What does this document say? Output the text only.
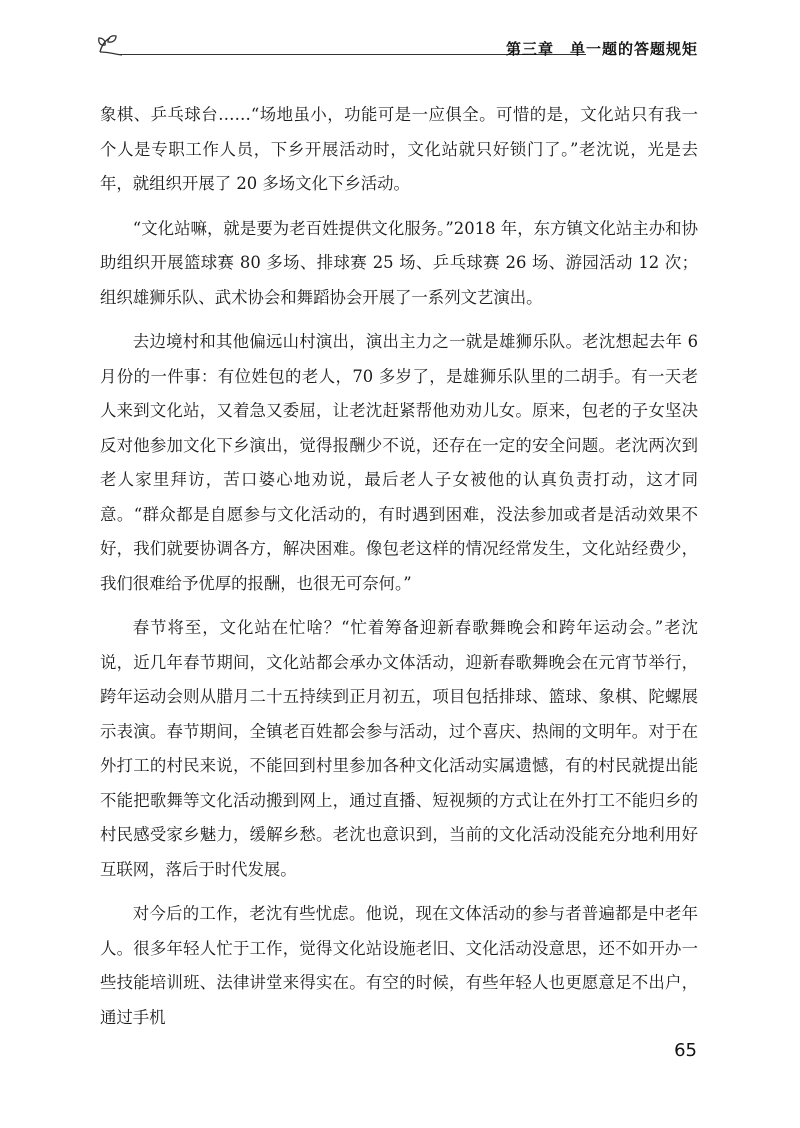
第三章　单一题的答题规矩

象棋、乒乓球台……“场地虽小，功能可是一应俱全。可惜的是，文化站只有我一个人是专职工作人员，下乡开展活动时，文化站就只好锁门了。”老沈说，光是去年，就组织开展了 20 多场文化下乡活动。

“文化站嘛，就是要为老百姓提供文化服务。”2018 年，东方镇文化站主办和协助组织开展篮球赛 80 多场、排球赛 25 场、乒乓球赛 26 场、游园活动 12 次；组织雄狮乐队、武术协会和舞蹈协会开展了一系列文艺演出。

去边境村和其他偏远山村演出，演出主力之一就是雄狮乐队。老沈想起去年 6 月份的一件事：有位姓包的老人，70 多岁了，是雄狮乐队里的二胡手。有一天老人来到文化站，又着急又委屈，让老沈赶紧帮他劝劝儿女。原来，包老的子女坚决反对他参加文化下乡演出，觉得报酬少不说，还存在一定的安全问题。老沈两次到老人家里拜访，苦口婆心地劝说，最后老人子女被他的认真负责打动，这才同意。“群众都是自愿参与文化活动的，有时遇到困难，没法参加或者是活动效果不好，我们就要协调各方，解决困难。像包老这样的情况经常发生，文化站经费少，我们很难给予优厚的报酬，也很无可奈何。”

春节将至，文化站在忙啥？“忙着筹备迎新春歌舞晚会和跨年运动会。”老沈说，近几年春节期间，文化站都会承办文体活动，迎新春歌舞晚会在元宵节举行，跨年运动会则从腊月二十五持续到正月初五，项目包括排球、篮球、象棋、陀螺展示表演。春节期间，全镇老百姓都会参与活动，过个喜庆、热闹的文明年。对于在外打工的村民来说，不能回到村里参加各种文化活动实属遗憾，有的村民就提出能不能把歌舞等文化活动搬到网上，通过直播、短视频的方式让在外打工不能归乡的村民感受家乡魅力，缓解乡愁。老沈也意识到，当前的文化活动没能充分地利用好互联网，落后于时代发展。

对今后的工作，老沈有些忧虑。他说，现在文体活动的参与者普遍都是中老年人。很多年轻人忙于工作，觉得文化站设施老旧、文化活动没意思，还不如开办一些技能培训班、法律讲堂来得实在。有空的时候，有些年轻人也更愿意足不出户，通过手机

65
